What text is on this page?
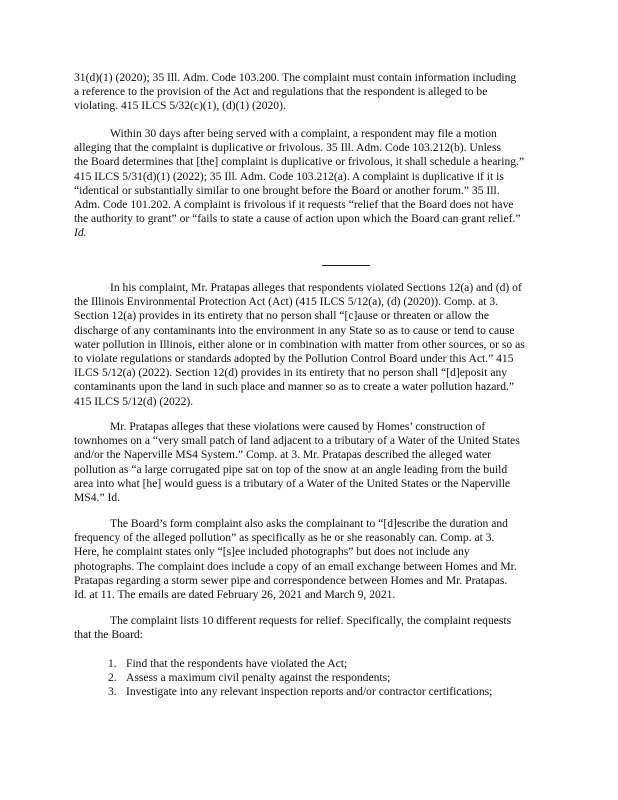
31(d)(1) (2020); 35 Ill. Adm. Code 103.200. The complaint must contain information including
a reference to the provision of the Act and regulations that the respondent is alleged to be
violating. 415 ILCS 5/32(c)(1), (d)(1) (2020).
Within 30 days after being served with a complaint, a respondent may file a motion
alleging that the complaint is duplicative or frivolous. 35 Ill. Adm. Code 103.212(b). Unless
the Board determines that [the] complaint is duplicative or frivolous, it shall schedule a hearing.”
415 ILCS 5/31(d)(1) (2022); 35 Ill. Adm. Code 103.212(a). A complaint is duplicative if it is
“identical or substantially similar to one brought before the Board or another forum.” 35 Ill.
Adm. Code 101.202. A complaint is frivolous if it requests “relief that the Board does not have
the authority to grant” or “fails to state a cause of action upon which the Board can grant relief.”
Id.
In his complaint, Mr. Pratapas alleges that respondents violated Sections 12(a) and (d) of
the Illinois Environmental Protection Act (Act) (415 ILCS 5/12(a), (d) (2020)). Comp. at 3.
Section 12(a) provides in its entirety that no person shall “[c]ause or threaten or allow the
discharge of any contaminants into the environment in any State so as to cause or tend to cause
water pollution in Illinois, either alone or in combination with matter from other sources, or so as
to violate regulations or standards adopted by the Pollution Control Board under this Act.” 415
ILCS 5/12(a) (2022). Section 12(d) provides in its entirety that no person shall “[d]eposit any
contaminants upon the land in such place and manner so as to create a water pollution hazard.”
415 ILCS 5/12(d) (2022).
Mr. Pratapas alleges that these violations were caused by Homes’ construction of
townhomes on a “very small patch of land adjacent to a tributary of a Water of the United States
and/or the Naperville MS4 System.” Comp. at 3. Mr. Pratapas described the alleged water
pollution as “a large corrugated pipe sat on top of the snow at an angle leading from the build
area into what [he] would guess is a tributary of a Water of the United States or the Naperville
MS4.” Id.
The Board’s form complaint also asks the complainant to “[d]escribe the duration and
frequency of the alleged pollution” as specifically as he or she reasonably can. Comp. at 3.
Here, he complaint states only “[s]ee included photographs” but does not include any
photographs. The complaint does include a copy of an email exchange between Homes and Mr.
Pratapas regarding a storm sewer pipe and correspondence between Homes and Mr. Pratapas.
Id. at 11. The emails are dated February 26, 2021 and March 9, 2021.
The complaint lists 10 different requests for relief. Specifically, the complaint requests
that the Board:
1. Find that the respondents have violated the Act;
2. Assess a maximum civil penalty against the respondents;
3. Investigate into any relevant inspection reports and/or contractor certifications;
